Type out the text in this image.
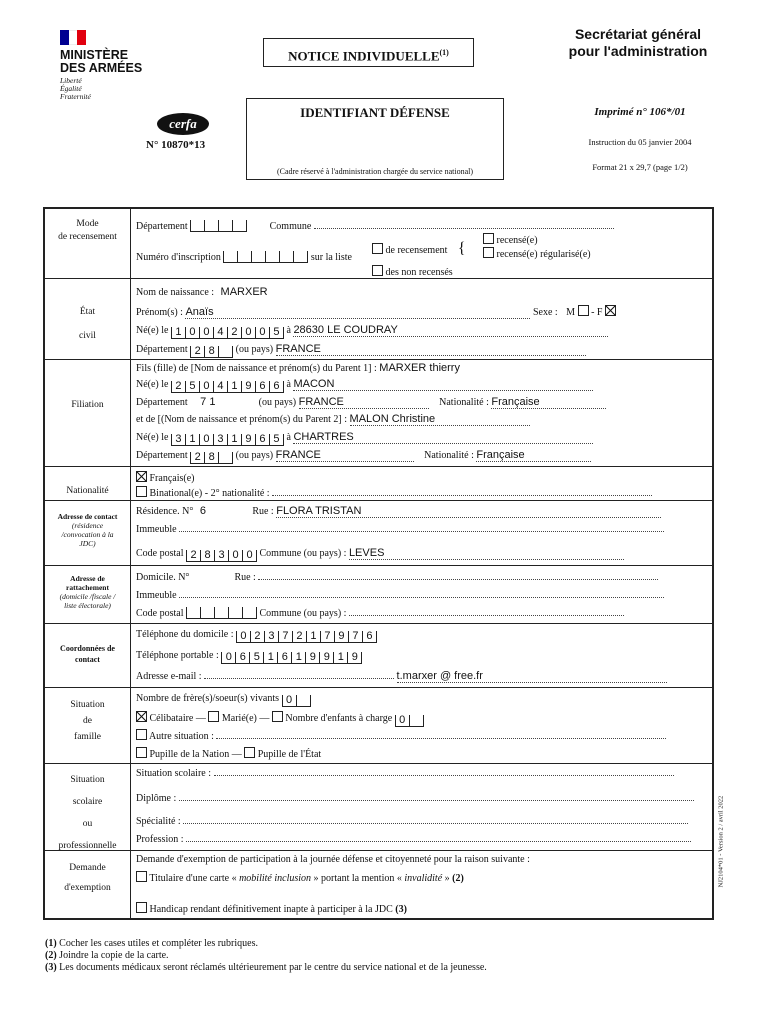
MINISTÈRE
DES ARMÉES
Liberté
Égalité
Fraternité
NOTICE INDIVIDUELLE$^{(1)}$
Secrétariat général
pour l'administration
cerfa
N° 10870*13
IDENTIFIANT DÉFENSE
(Cadre réservé à l'administration chargée du service national)
Imprimé n° 106*/01
Instruction du 05 janvier 2004
Format 21 x 29,7 (page 1/2)
Mode
de recensement
Département	Commune
Numéro d'inscription	sur la liste
de recensement {	recensé(e)
recensé(e) régularisé(e)
des non recensés
État
civil
Nom de naissance : MARXER
Prénom(s) : Anaïs	Sexe : M  - F
Né(e) le 1 0 0 4 2 0 0 5 à 28630 LE COUDRAY
Département 2 8	(ou pays) FRANCE
Filiation
Fils (fille) de [Nom de naissance et prénom(s) du Parent 1] : MARXER thierry
Né(e) le 2 5 0 4 1 9 6 6 à MACON
Département 7 1	(ou pays) FRANCE	Nationalité : Française
et de [(Nom de naissance et prénom(s) du Parent 2] : MALON Christine
Né(e) le 3 1 0 3 1 9 6 5 à CHARTRES
Département 2 8	(ou pays) FRANCE	Nationalité : Française
Nationalité
Français(e)
Binational(e) - 2° nationalité :
Adresse de contact
(résidence
/convocation à la
JDC)
Résidence. N° 6	Rue : FLORA TRISTAN
Immeuble
Code postal 2 8 3 0 0 Commune (ou pays) : LEVES
Adresse de
rattachement
(domicile /fiscale /
liste électorale)
Domicile. N°	Rue :
Immeuble
Code postal	Commune (ou pays) :
Coordonnées de
contact
Téléphone du domicile : 0 2 3 7 2 1 7 9 7 6
Téléphone portable : 0 6 5 1 6 1 9 9 1 9
Adresse e-mail :	t.marxer @ free.fr
Situation
de
famille
Nombre de frère(s)/soeur(s) vivants 0
Célibataire — Marié(e) — Nombre d'enfants à charge 0
Autre situation :
Pupille de la Nation — Pupille de l'État
Situation
scolaire
ou
professionnelle
Situation scolaire :
Diplôme :
Spécialité :
Profession :
Demande
d'exemption
Demande d'exemption de participation à la journée défense et citoyenneté pour la raison suivante :
Titulaire d'une carte « mobilité inclusion » portant la mention « invalidité » (2)
Handicap rendant définitivement inapte à participer à la JDC (3)
NJ2104*01 - Version 2 / avril 2022
(1) Cocher les cases utiles et compléter les rubriques.
(2) Joindre la copie de la carte.
(3) Les documents médicaux seront réclamés ultérieurement par le centre du service national et de la jeunesse.
